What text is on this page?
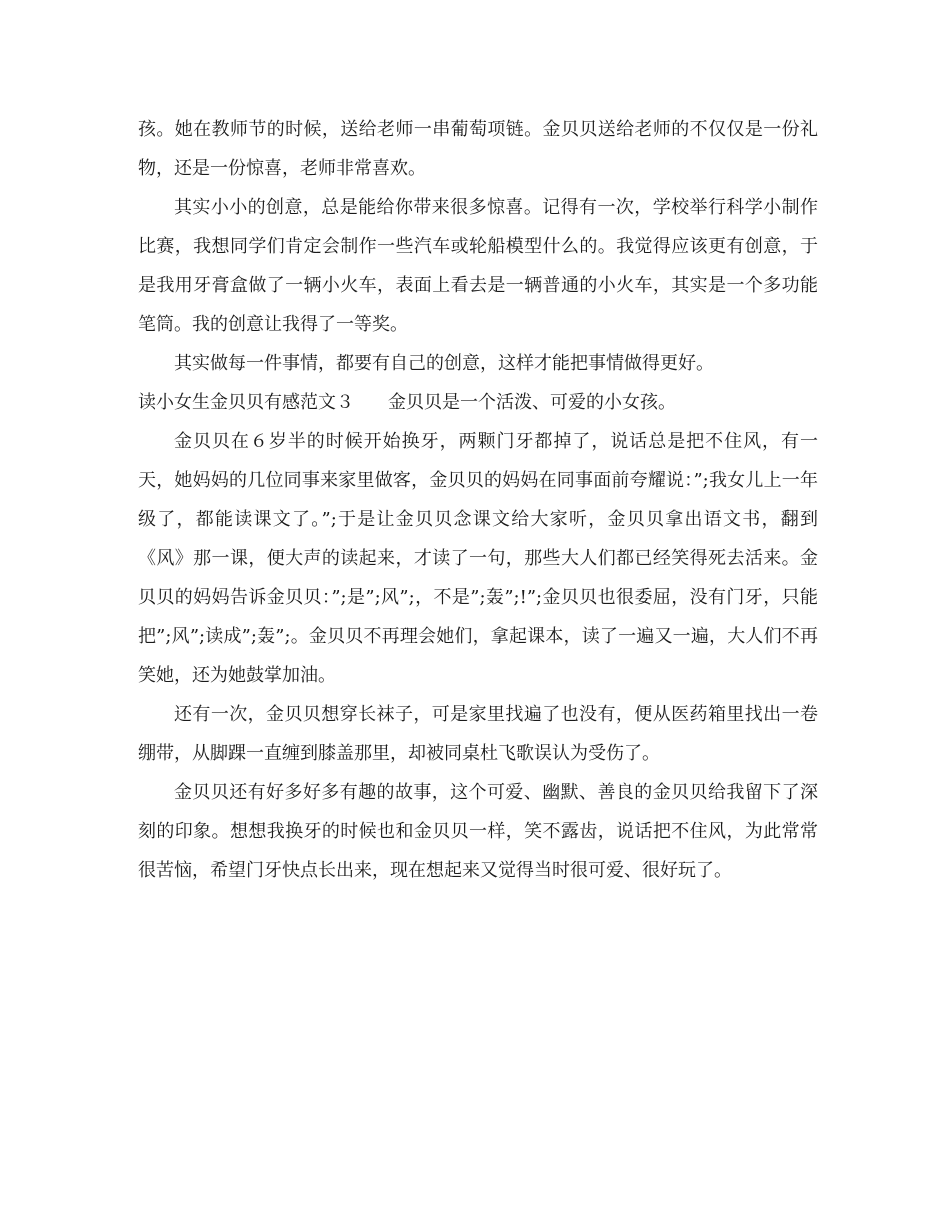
孩。她在教师节的时候，送给老师一串葡萄项链。金贝贝送给老师的不仅仅是一份礼物，还是一份惊喜，老师非常喜欢。

其实小小的创意，总是能给你带来很多惊喜。记得有一次，学校举行科学小制作比赛，我想同学们肯定会制作一些汽车或轮船模型什么的。我觉得应该更有创意，于是我用牙膏盒做了一辆小火车，表面上看去是一辆普通的小火车，其实是一个多功能笔筒。我的创意让我得了一等奖。

其实做每一件事情，都要有自己的创意，这样才能把事情做得更好。

读小女生金贝贝有感范文３ 金贝贝是一个活泼、可爱的小女孩。

金贝贝在６岁半的时候开始换牙，两颗门牙都掉了，说话总是把不住风，有一天，她妈妈的几位同事来家里做客，金贝贝的妈妈在同事面前夸耀说：”;我女儿上一年级了，都能读课文了。”;于是让金贝贝念课文给大家听，金贝贝拿出语文书，翻到《风》那一课，便大声的读起来，才读了一句，那些大人们都已经笑得死去活来。金贝贝的妈妈告诉金贝贝：”;是”;风”;，不是”;轰”;!”;金贝贝也很委屈，没有门牙，只能把”;风”;读成”;轰”;。金贝贝不再理会她们，拿起课本，读了一遍又一遍，大人们不再笑她，还为她鼓掌加油。

还有一次，金贝贝想穿长袜子，可是家里找遍了也没有，便从医药箱里找出一卷绷带，从脚踝一直缠到膝盖那里，却被同桌杜飞歌误认为受伤了。

金贝贝还有好多好多有趣的故事，这个可爱、幽默、善良的金贝贝给我留下了深刻的印象。想想我换牙的时候也和金贝贝一样，笑不露齿，说话把不住风，为此常常很苦恼，希望门牙快点长出来，现在想起来又觉得当时很可爱、很好玩了。
